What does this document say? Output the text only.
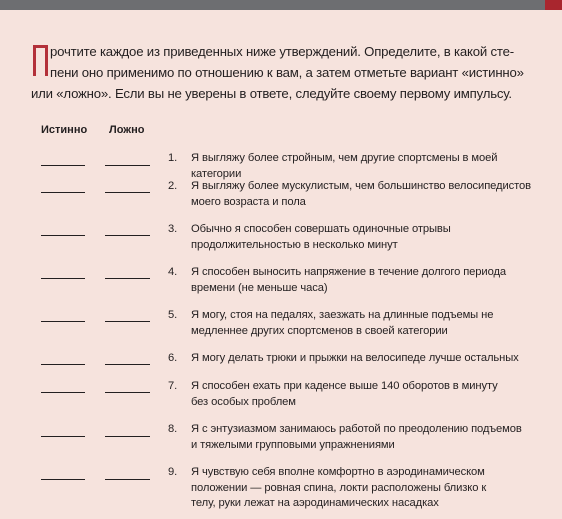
рочтите каждое из приведенных ниже утверждений. Определите, в какой сте-
пени оно применимо по отношению к вам, а затем отметьте вариант «истинно»
или «ложно». Если вы не уверены в ответе, следуйте своему первому импульсу.
Истинно Ложно
1. Я выгляжу более стройным, чем другие спортсмены в моей категории
2. Я выгляжу более мускулистым, чем большинство велосипедистов моего возраста и пола
3. Обычно я способен совершать одиночные отрывы продолжительностью в несколько минут
4. Я способен выносить напряжение в течение долгого периода времени (не меньше часа)
5. Я могу, стоя на педалях, заезжать на длинные подъемы не медленнее других спортсменов в своей категории
6. Я могу делать трюки и прыжки на велосипеде лучше остальных
7. Я способен ехать при каденсе выше 140 оборотов в минуту без особых проблем
8. Я с энтузиазмом занимаюсь работой по преодолению подъемов и тяжелыми групповыми упражнениями
9. Я чувствую себя вполне комфортно в аэродинамическом положении — ровная спина, локти расположены близко к телу, руки лежат на аэродинамических насадках
